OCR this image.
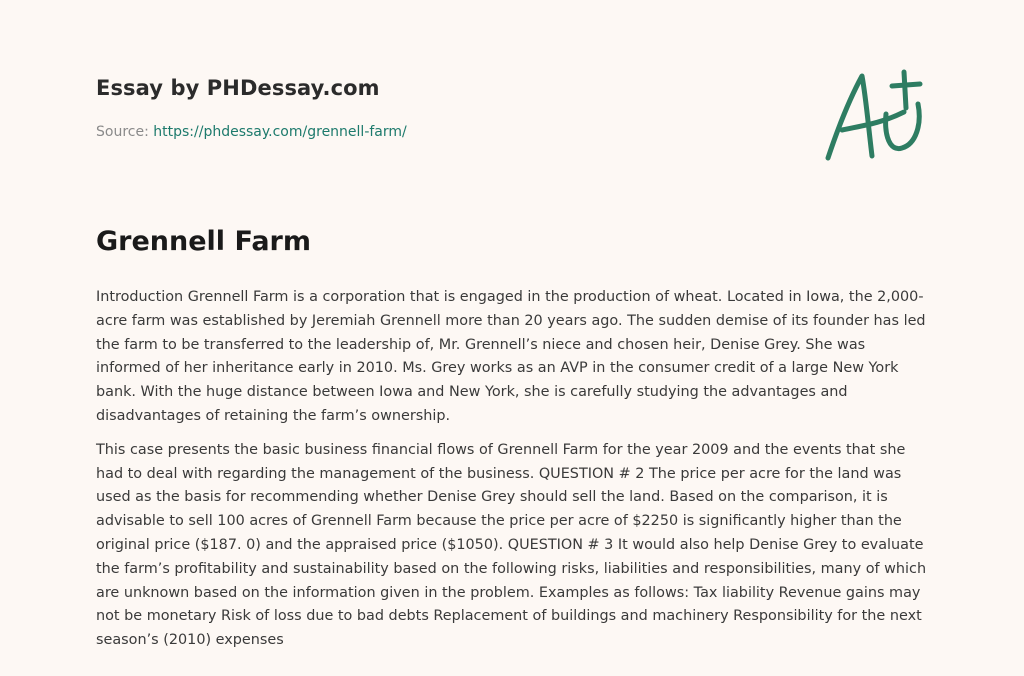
Essay by PHDessay.com
Source: https://phdessay.com/grennell-farm/
Grennell Farm

Introduction Grennell Farm is a corporation that is engaged in the production of wheat. Located in Iowa, the 2,000-acre farm was established by Jeremiah Grennell more than 20 years ago. The sudden demise of its founder has led the farm to be transferred to the leadership of, Mr. Grennell’s niece and chosen heir, Denise Grey. She was informed of her inheritance early in 2010. Ms. Grey works as an AVP in the consumer credit of a large New York bank. With the huge distance between Iowa and New York, she is carefully studying the advantages and disadvantages of retaining the farm’s ownership.

This case presents the basic business financial flows of Grennell Farm for the year 2009 and the events that she had to deal with regarding the management of the business. QUESTION # 2 The price per acre for the land was used as the basis for recommending whether Denise Grey should sell the land. Based on the comparison, it is advisable to sell 100 acres of Grennell Farm because the price per acre of $2250 is significantly higher than the original price ($187. 0) and the appraised price ($1050). QUESTION # 3 It would also help Denise Grey to evaluate the farm’s profitability and sustainability based on the following risks, liabilities and responsibilities, many of which are unknown based on the information given in the problem. Examples as follows: Tax liability Revenue gains may not be monetary Risk of loss due to bad debts Replacement of buildings and machinery Responsibility for the next season’s (2010) expenses
